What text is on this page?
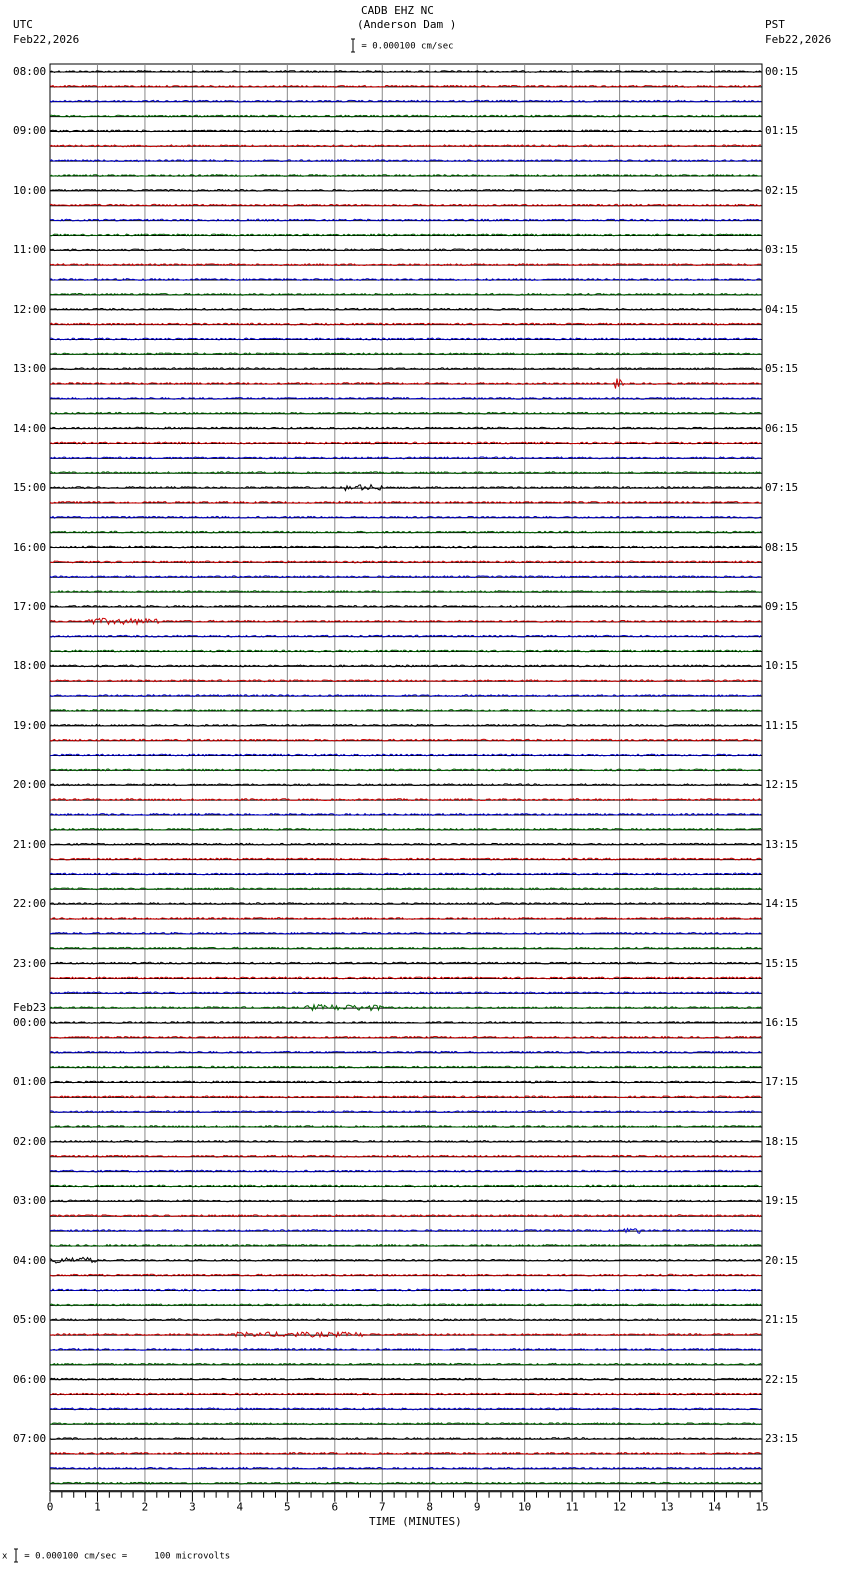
CADB EHZ NC
(Anderson Dam )
UTC
Feb22,2026
PST
Feb22,2026
= 0.000100 cm/sec
0	1	2	3	4	5	6	7	8	9	10	11	12	13	14	15
TIME (MINUTES)
x = 0.000100 cm/sec =     100 microvolts
08:00
09:00
10:00
11:00
12:00
13:00
14:00
15:00
16:00
17:00
18:00
19:00
20:00
21:00
22:00
23:00
00:00
01:00
02:00
03:00
04:00
05:00
06:00
07:00
00:15
01:15
02:15
03:15
04:15
05:15
06:15
07:15
08:15
09:15
10:15
11:15
12:15
13:15
14:15
15:15
16:15
17:15
18:15
19:15
20:15
21:15
22:15
23:15
Feb23
